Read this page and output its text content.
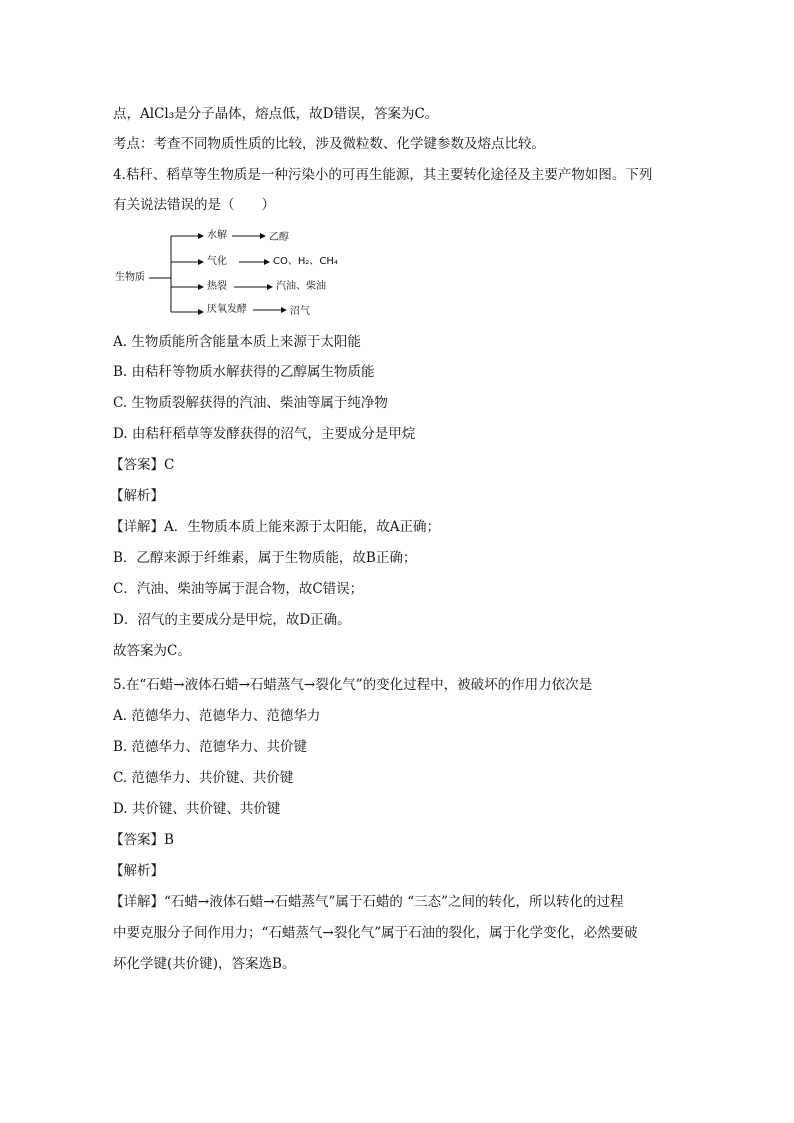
点，AlCl₃是分子晶体，熔点低，故D错误，答案为C。
考点：考查不同物质性质的比较，涉及微粒数、化学键参数及熔点比较。
4.秸秆、稻草等生物质是一种污染小的可再生能源，其主要转化途径及主要产物如图。下列
有关说法错误的是（　　）
生物质
水解	乙醇
气化	CO、H₂、CH₄
热裂	汽油、柴油
厌氧发酵	沼气
A. 生物质能所含能量本质上来源于太阳能
B. 由秸秆等物质水解获得的乙醇属生物质能
C. 生物质裂解获得的汽油、柴油等属于纯净物
D. 由秸秆稻草等发酵获得的沼气，主要成分是甲烷
【答案】C
【解析】
【详解】A．生物质本质上能来源于太阳能，故A正确；
B．乙醇来源于纤维素，属于生物质能，故B正确；
C．汽油、柴油等属于混合物，故C错误；
D．沼气的主要成分是甲烷，故D正确。
故答案为C。
5.在“石蜡→液体石蜡→石蜡蒸气→裂化气”的变化过程中，被破坏的作用力依次是
A. 范德华力、范德华力、范德华力
B. 范德华力、范德华力、共价键
C. 范德华力、共价键、共价键
D. 共价键、共价键、共价键
【答案】B
【解析】
【详解】“石蜡→液体石蜡→石蜡蒸气”属于石蜡的 “三态”之间的转化，所以转化的过程
中要克服分子间作用力；“石蜡蒸气→裂化气”属于石油的裂化，属于化学变化，必然要破
坏化学键(共价键)，答案选B。
